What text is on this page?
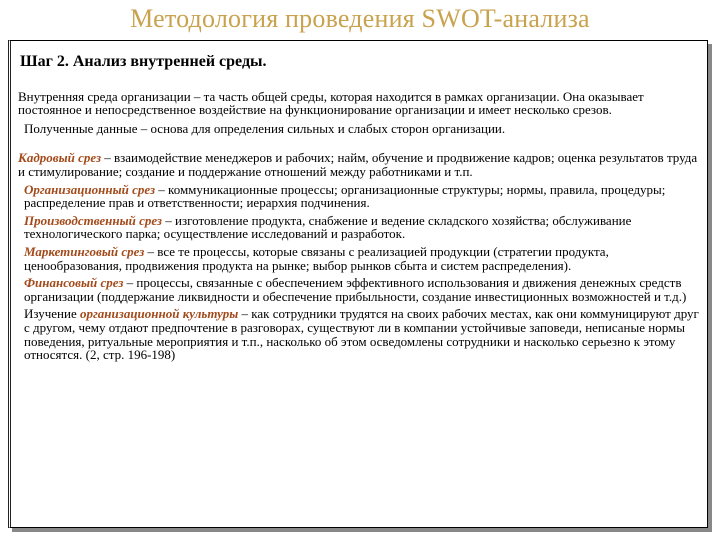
Методология проведения SWOT-анализа

Шаг 2. Анализ внутренней среды.

Внутренняя среда организации – та часть общей среды, которая находится в рамках организации. Она оказывает постоянное и непосредственное воздействие на функционирование организации и имеет несколько срезов.

Полученные данные – основа для определения сильных и слабых сторон организации.

Кадровый срез – взаимодействие менеджеров и рабочих; найм, обучение и продвижение кадров; оценка результатов труда и стимулирование; создание и поддержание отношений между работниками и т.п.

Организационный срез – коммуникационные процессы; организационные структуры; нормы, правила, процедуры; распределение прав и ответственности; иерархия подчинения.

Производственный срез – изготовление продукта, снабжение и ведение складского хозяйства; обслуживание технологического парка; осуществление исследований и разработок.

Маркетинговый срез – все те процессы, которые связаны с реализацией продукции (стратегии продукта, ценообразования, продвижения продукта на рынке; выбор рынков сбыта и систем распределения).

Финансовый срез – процессы, связанные с обеспечением эффективного использования и движения денежных средств организации (поддержание ликвидности и обеспечение прибыльности, создание инвестиционных возможностей и т.д.)

Изучение организационной культуры – как сотрудники трудятся на своих рабочих местах, как они коммуницируют друг с другом, чему отдают предпочтение в разговорах, существуют ли в компании устойчивые заповеди, неписаные нормы поведения, ритуальные мероприятия и т.п., насколько об этом осведомлены сотрудники и насколько серьезно к этому относятся. (2, стр. 196-198)
